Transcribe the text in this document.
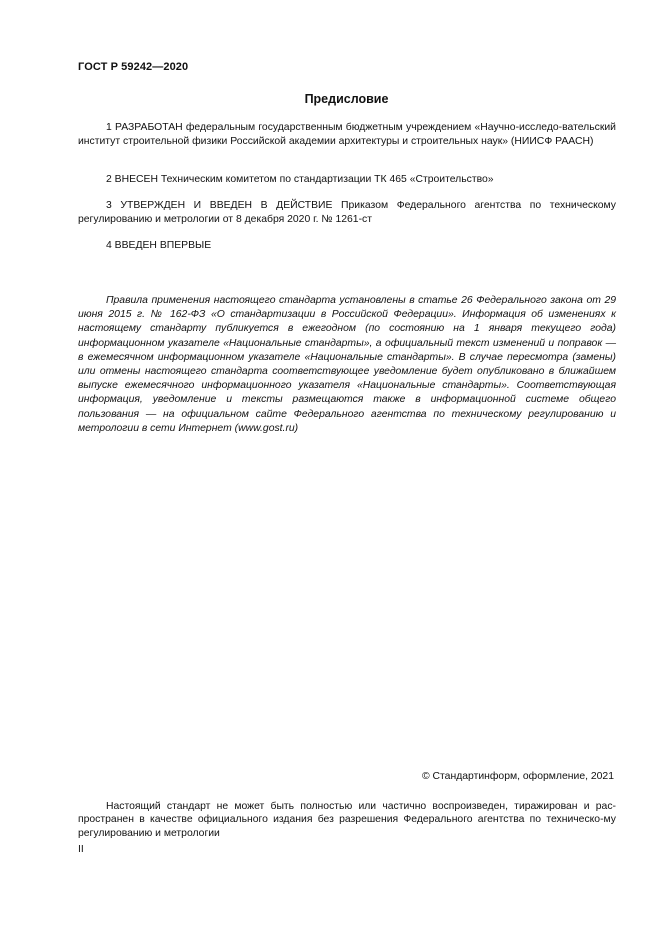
ГОСТ Р 59242—2020
Предисловие

1 РАЗРАБОТАН федеральным государственным бюджетным учреждением «Научно-исследо-вательский институт строительной физики Российской академии архитектуры и строительных наук» (НИИСФ РААСН)

2 ВНЕСЕН Техническим комитетом по стандартизации ТК 465 «Строительство»

3 УТВЕРЖДЕН И ВВЕДЕН В ДЕЙСТВИЕ Приказом Федерального агентства по техническому регулированию и метрологии от 8 декабря 2020 г. № 1261-ст

4 ВВЕДЕН ВПЕРВЫЕ

Правила применения настоящего стандарта установлены в статье 26 Федерального закона от 29 июня 2015 г. № 162-ФЗ «О стандартизации в Российской Федерации». Информация об изменениях к настоящему стандарту публикуется в ежегодном (по состоянию на 1 января текущего года) информационном указателе «Национальные стандарты», а официальный текст изменений и поправок — в ежемесячном информационном указателе «Национальные стандарты». В случае пересмотра (замены) или отмены настоящего стандарта соответствующее уведомление будет опубликовано в ближайшем выпуске ежемесячного информационного указателя «Национальные стандарты». Соответствующая информация, уведомление и тексты размещаются также в информационной системе общего пользования — на официальном сайте Федерального агентства по техническому регулированию и метрологии в сети Интернет (www.gost.ru)

© Стандартинформ, оформление, 2021

Настоящий стандарт не может быть полностью или частично воспроизведен, тиражирован и рас-пространен в качестве официального издания без разрешения Федерального агентства по техническо-му регулированию и метрологии

II
